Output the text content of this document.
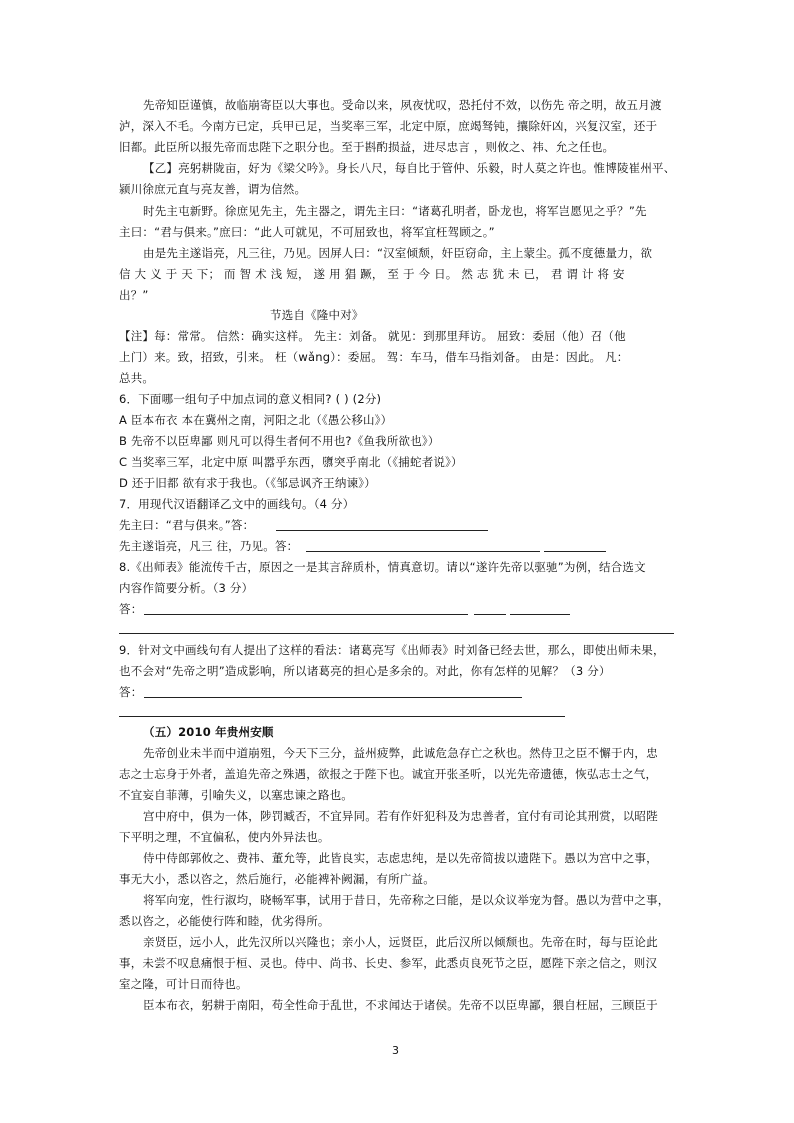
先帝知臣谨慎，故临崩寄臣以大事也。受命以来，夙夜忧叹，恐托付不效，以伤先 帝之明，故五月渡
泸，深入不毛。今南方已定，兵甲已足，当奖率三军，北定中原，庶竭驽钝，攘除奸凶，兴复汉室，还于
旧都。此臣所以报先帝而忠陛下之职分也。至于斟酌损益，进尽忠言 ，则攸之、祎、允之任也。
【乙】亮躬耕陇亩，好为《梁父吟》。身长八尺，每自比于管仲、乐毅，时人莫之许也。惟博陵崔州平、
颍川徐庶元直与亮友善，谓为信然。
时先主屯新野。徐庶见先主，先主器之，谓先主曰：“诸葛孔明者，卧龙也，将军岂愿见之乎？”先
主曰：“君与俱来。”庶曰：“此人可就见，不可屈致也，将军宜枉驾顾之。”
由是先主遂诣亮，凡三往，乃见。因屏人曰：“汉室倾颓，奸臣窃命，主上蒙尘。孤不度德量力，欲
信 大 义 于 天 下； 而 智 术 浅 短， 遂 用 猖 蹶， 至 于 今 日。 然 志 犹 未 已， 君 谓 计 将 安
出？”
节选自《隆中对》
【注】每：常常。 信然：确实这样。 先主：刘备。 就见：到那里拜访。 屈致：委屈（他）召（他
上门）来。致，招致，引来。 枉（wǎng）：委屈。 驾：车马，借车马指刘备。 由是：因此。 凡：
总共。
6．下面哪一组句子中加点词的意义相同? ( ) (2分)
A 臣本布衣 本在冀州之南，河阳之北（《愚公移山》）
B 先帝不以臣卑鄙 则凡可以得生者何不用也?《鱼我所欲也》）
C 当奖率三军，北定中原 叫嚣乎东西，隳突乎南北（《捕蛇者说》）
D 还于旧都 欲有求于我也。（《邹忌讽齐王纳谏》）
7．用现代汉语翻译乙文中的画线句。（4 分）
先主曰：“君与俱来。”答：
先主遂诣亮，凡三 往，乃见。答：
8.《出师表》能流传千古，原因之一是其言辞质朴，情真意切。请以“遂许先帝以驱驰”为例，结合选文
内容作简要分析。（3 分）
答：
9．针对文中画线句有人提出了这样的看法：诸葛亮写《出师表》时刘备已经去世，那么，即使出师未果，
也不会对“先帝之明”造成影响，所以诸葛亮的担心是多余的。对此，你有怎样的见解？（3 分）
答：
（五）2010 年贵州安顺
先帝创业未半而中道崩殂，今天下三分，益州疲弊，此诚危急存亡之秋也。然侍卫之臣不懈于内，忠
志之士忘身于外者，盖追先帝之殊遇，欲报之于陛下也。诚宜开张圣听，以光先帝遗德，恢弘志士之气，
不宜妄自菲薄，引喻失义，以塞忠谏之路也。
宫中府中，俱为一体，陟罚臧否，不宜异同。若有作奸犯科及为忠善者，宜付有司论其刑赏，以昭陛
下平明之理，不宜偏私，使内外异法也。
侍中侍郎郭攸之、费祎、董允等，此皆良实，志虑忠纯，是以先帝简拔以遗陛下。愚以为宫中之事，
事无大小，悉以咨之，然后施行，必能裨补阙漏，有所广益。
将军向宠，性行淑均，晓畅军事，试用于昔日，先帝称之曰能，是以众议举宠为督。愚以为营中之事，
悉以咨之，必能使行阵和睦，优劣得所。
亲贤臣，远小人，此先汉所以兴隆也；亲小人，远贤臣，此后汉所以倾颓也。先帝在时，每与臣论此
事，未尝不叹息痛恨于桓、灵也。侍中、尚书、长史、参军，此悉贞良死节之臣，愿陛下亲之信之，则汉
室之隆，可计日而待也。
臣本布衣，躬耕于南阳，苟全性命于乱世，不求闻达于诸侯。先帝不以臣卑鄙，猥自枉屈，三顾臣于
3
